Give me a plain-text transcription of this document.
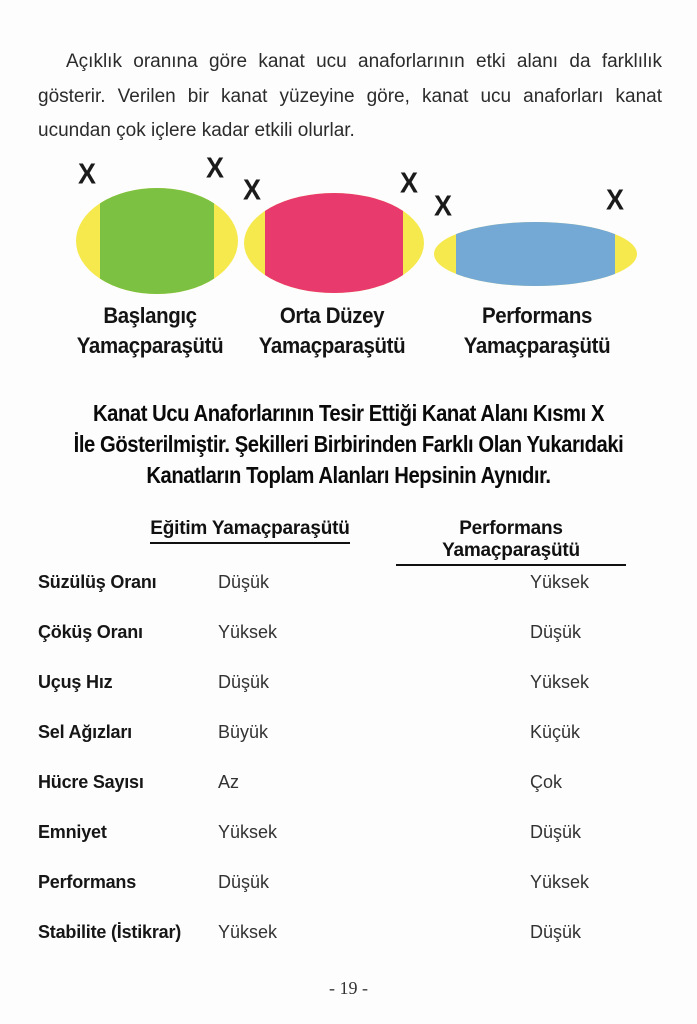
Açıklık oranına göre kanat ucu anaforlarının etki alanı da farklılık gösterir. Verilen bir kanat yüzeyine göre, kanat ucu anaforları kanat ucundan çok içlere kadar etkili olurlar.

X	X
X	X
X	X
Başlangıç
Yamaçparaşütü
Orta Düzey
Yamaçparaşütü
Performans
Yamaçparaşütü
Kanat Ucu Anaforlarının Tesir Ettiği Kanat Alanı Kısmı X
İle Gösterilmiştir. Şekilleri Birbirinden Farklı Olan Yukarıdaki
Kanatların Toplam Alanları Hepsinin Aynıdır.
Eğitim Yamaçparaşütü	Performans Yamaçparaşütü
Süzülüş Oranı	Düşük	Yüksek
Çöküş Oranı	Yüksek	Düşük
Uçuş Hız	Düşük	Yüksek
Sel Ağızları	Büyük	Küçük
Hücre Sayısı	Az	Çok
Emniyet	Yüksek	Düşük
Performans	Düşük	Yüksek
Stabilite (İstikrar)	Yüksek	Düşük
- 19 -
